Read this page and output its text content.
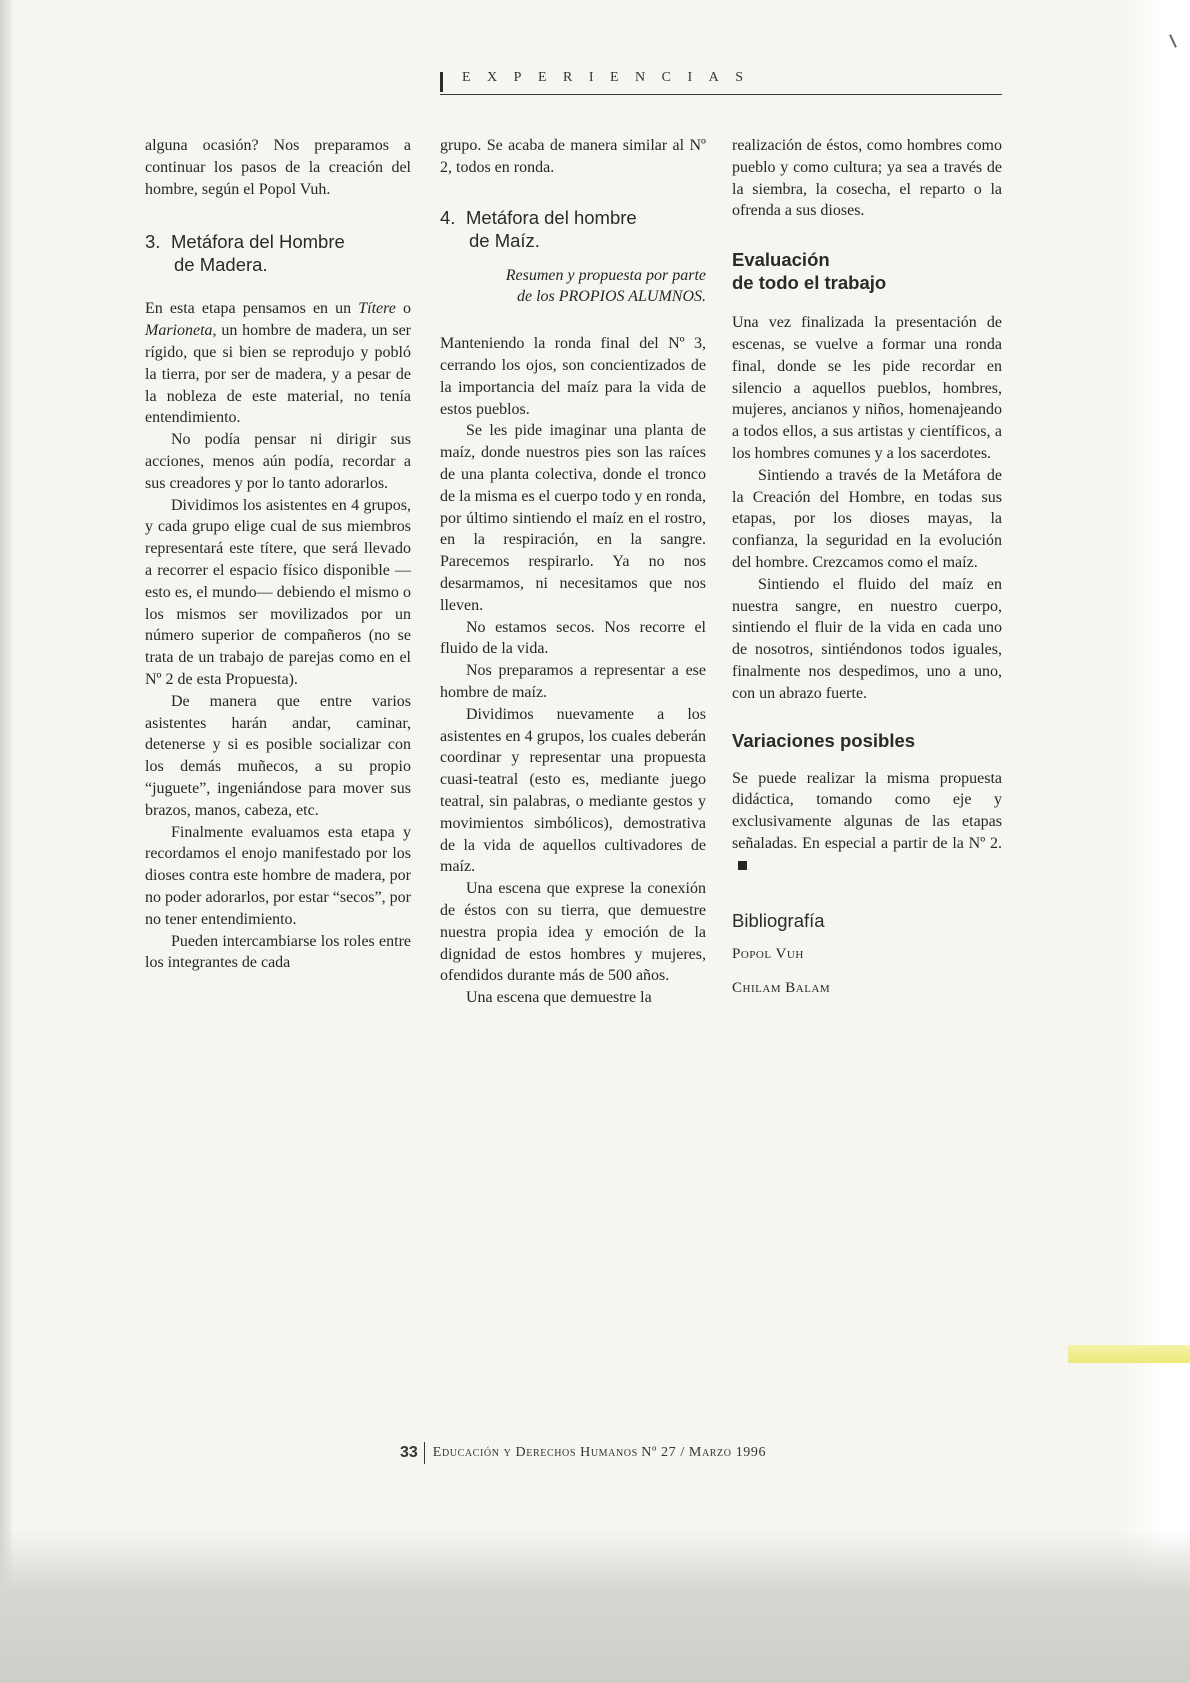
EXPERIENCIAS

alguna ocasión? Nos preparamos a continuar los pasos de la creación del hombre, según el Popol Vuh.

3. Metáfora del Hombre
de Madera.

En esta etapa pensamos en un Títere o Marioneta, un hombre de madera, un ser rígido, que si bien se reprodujo y pobló la tierra, por ser de madera, y a pesar de la nobleza de este material, no tenía entendimiento.

No podía pensar ni dirigir sus acciones, menos aún podía, recordar a sus creadores y por lo tanto adorarlos.

Dividimos los asistentes en 4 grupos, y cada grupo elige cual de sus miembros representará este títere, que será llevado a recorrer el espacio físico disponible —esto es, el mundo— debiendo el mismo o los mismos ser movilizados por un número superior de compañeros (no se trata de un trabajo de parejas como en el Nº 2 de esta Propuesta).

De manera que entre varios asistentes harán andar, caminar, detenerse y si es posible socializar con los demás muñecos, a su propio “juguete”, ingeniándose para mover sus brazos, manos, cabeza, etc.

Finalmente evaluamos esta etapa y recordamos el enojo manifestado por los dioses contra este hombre de madera, por no poder adorarlos, por estar “secos”, por no tener entendimiento.

Pueden intercambiarse los roles entre los integrantes de cada

grupo. Se acaba de manera similar al Nº 2, todos en ronda.

4. Metáfora del hombre
de Maíz.

Resumen y propuesta por parte

de los PROPIOS ALUMNOS.

Manteniendo la ronda final del Nº 3, cerrando los ojos, son concientizados de la importancia del maíz para la vida de estos pueblos.

Se les pide imaginar una planta de maíz, donde nuestros pies son las raíces de una planta colectiva, donde el tronco de la misma es el cuerpo todo y en ronda, por último sintiendo el maíz en el rostro, en la respiración, en la sangre. Parecemos respirarlo. Ya no nos desarmamos, ni necesitamos que nos lleven.

No estamos secos. Nos recorre el fluido de la vida.

Nos preparamos a representar a ese hombre de maíz.

Dividimos nuevamente a los asistentes en 4 grupos, los cuales deberán coordinar y representar una propuesta cuasi-teatral (esto es, mediante juego teatral, sin palabras, o mediante gestos y movimientos simbólicos), demostrativa de la vida de aquellos cultivadores de maíz.

Una escena que exprese la conexión de éstos con su tierra, que demuestre nuestra propia idea y emoción de la dignidad de estos hombres y mujeres, ofendidos durante más de 500 años.

Una escena que demuestre la

realización de éstos, como hombres como pueblo y como cultura; ya sea a través de la siembra, la cosecha, el reparto o la ofrenda a sus dioses.

Evaluación
de todo el trabajo

Una vez finalizada la presentación de escenas, se vuelve a formar una ronda final, donde se les pide recordar en silencio a aquellos pueblos, hombres, mujeres, ancianos y niños, homenajeando a todos ellos, a sus artistas y científicos, a los hombres comunes y a los sacerdotes.

Sintiendo a través de la Metáfora de la Creación del Hombre, en todas sus etapas, por los dioses mayas, la confianza, la seguridad en la evolución del hombre. Crezcamos como el maíz.

Sintiendo el fluido del maíz en nuestra sangre, en nuestro cuerpo, sintiendo el fluir de la vida en cada uno de nosotros, sintiéndonos todos iguales, finalmente nos despedimos, uno a uno, con un abrazo fuerte.

Variaciones posibles

Se puede realizar la misma propuesta didáctica, tomando como eje y exclusivamente algunas de las etapas señaladas. En especial a partir de la Nº 2.

Bibliografía

Popol Vuh

Chilam Balam

33 Educación y Derechos Humanos Nº 27 / Marzo 1996
